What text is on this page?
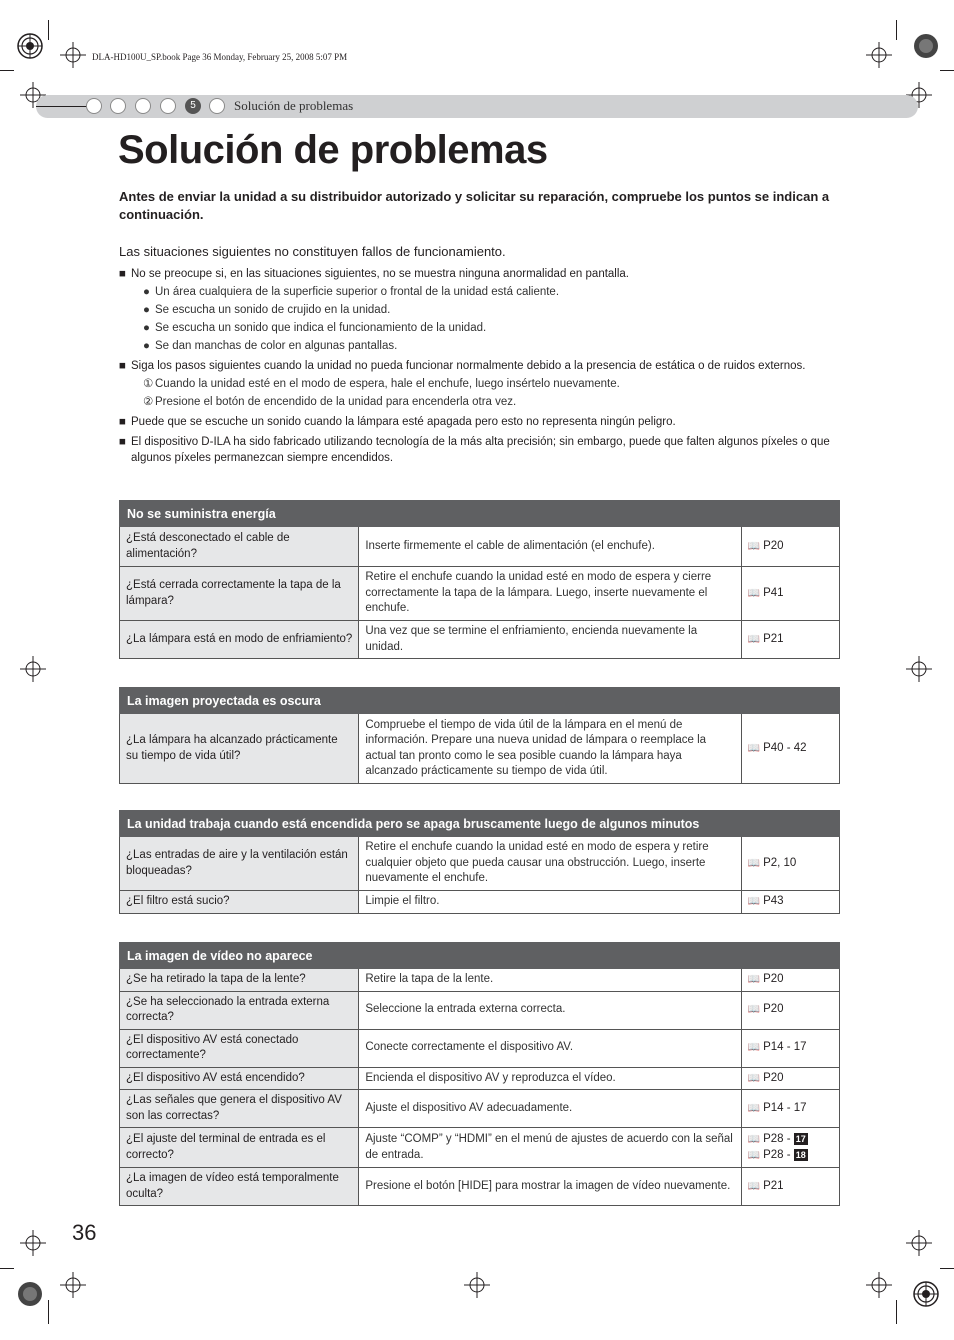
DLA-HD100U_SP.book Page 36 Monday, February 25, 2008 5:07 PM
5	Solución de problemas
Solución de problemas
Antes de enviar la unidad a su distribuidor autorizado y solicitar su reparación, compruebe los puntos se indican a continuación.
Las situaciones siguientes no constituyen fallos de funcionamiento.
■ No se preocupe si, en las situaciones siguientes, no se muestra ninguna anormalidad en pantalla.
● Un área cualquiera de la superficie superior o frontal de la unidad está caliente.
● Se escucha un sonido de crujido en la unidad.
● Se escucha un sonido que indica el funcionamiento de la unidad.
● Se dan manchas de color en algunas pantallas.
■ Siga los pasos siguientes cuando la unidad no pueda funcionar normalmente debido a la presencia de estática o de ruidos externos.
① Cuando la unidad esté en el modo de espera, hale el enchufe, luego insértelo nuevamente.
② Presione el botón de encendido de la unidad para encenderla otra vez.
■ Puede que se escuche un sonido cuando la lámpara esté apagada pero esto no representa ningún peligro.
■ El dispositivo D-ILA ha sido fabricado utilizando tecnología de la más alta precisión; sin embargo, puede que falten algunos píxeles o que algunos píxeles permanezcan siempre encendidos.
No se suministra energía		
¿Está desconectado el cable de alimentación?	Inserte firmemente el cable de alimentación (el enchufe).	📖 P20
¿Está cerrada correctamente la tapa de la lámpara?	Retire el enchufe cuando la unidad esté en modo de espera y cierre correctamente la tapa de la lámpara. Luego, inserte nuevamente el enchufe.	📖 P41
¿La lámpara está en modo de enfriamiento?	Una vez que se termine el enfriamiento, encienda nuevamente la unidad.	📖 P21
La imagen proyectada es oscura
¿La lámpara ha alcanzado prácticamente su tiempo de vida útil?	Compruebe el tiempo de vida útil de la lámpara en el menú de información. Prepare una nueva unidad de lámpara o reemplace la actual tan pronto como le sea posible cuando la lámpara haya alcanzado prácticamente su tiempo de vida útil.	📖 P40 - 42
La unidad trabaja cuando está encendida pero se apaga bruscamente luego de algunos minutos		
¿Las entradas de aire y la ventilación están bloqueadas?	Retire el enchufe cuando la unidad esté en modo de espera y retire cualquier objeto que pueda causar una obstrucción. Luego, inserte nuevamente el enchufe.	📖 P2, 10
¿El filtro está sucio?	Limpie el filtro.	📖 P43
La imagen de vídeo no aparece		
¿Se ha retirado la tapa de la lente?	Retire la tapa de la lente.	📖 P20
¿Se ha seleccionado la entrada externa correcta?	Seleccione la entrada externa correcta.	📖 P20
¿El dispositivo AV está conectado correctamente?	Conecte correctamente el dispositivo AV.	📖 P14 - 17
¿El dispositivo AV está encendido?	Encienda el dispositivo AV y reproduzca el vídeo.	📖 P20
¿Las señales que genera el dispositivo AV son las correctas?	Ajuste el dispositivo AV adecuadamente.	📖 P14 - 17
¿El ajuste del terminal de entrada es el correcto?	Ajuste “COMP” y “HDMI” en el menú de ajustes de acuerdo con la señal de entrada.	📖 P28 - 17
📖 P28 - 18

¿La imagen de vídeo está temporalmente oculta?	Presione el botón [HIDE] para mostrar la imagen de vídeo nuevamente.	📖 P21
36
